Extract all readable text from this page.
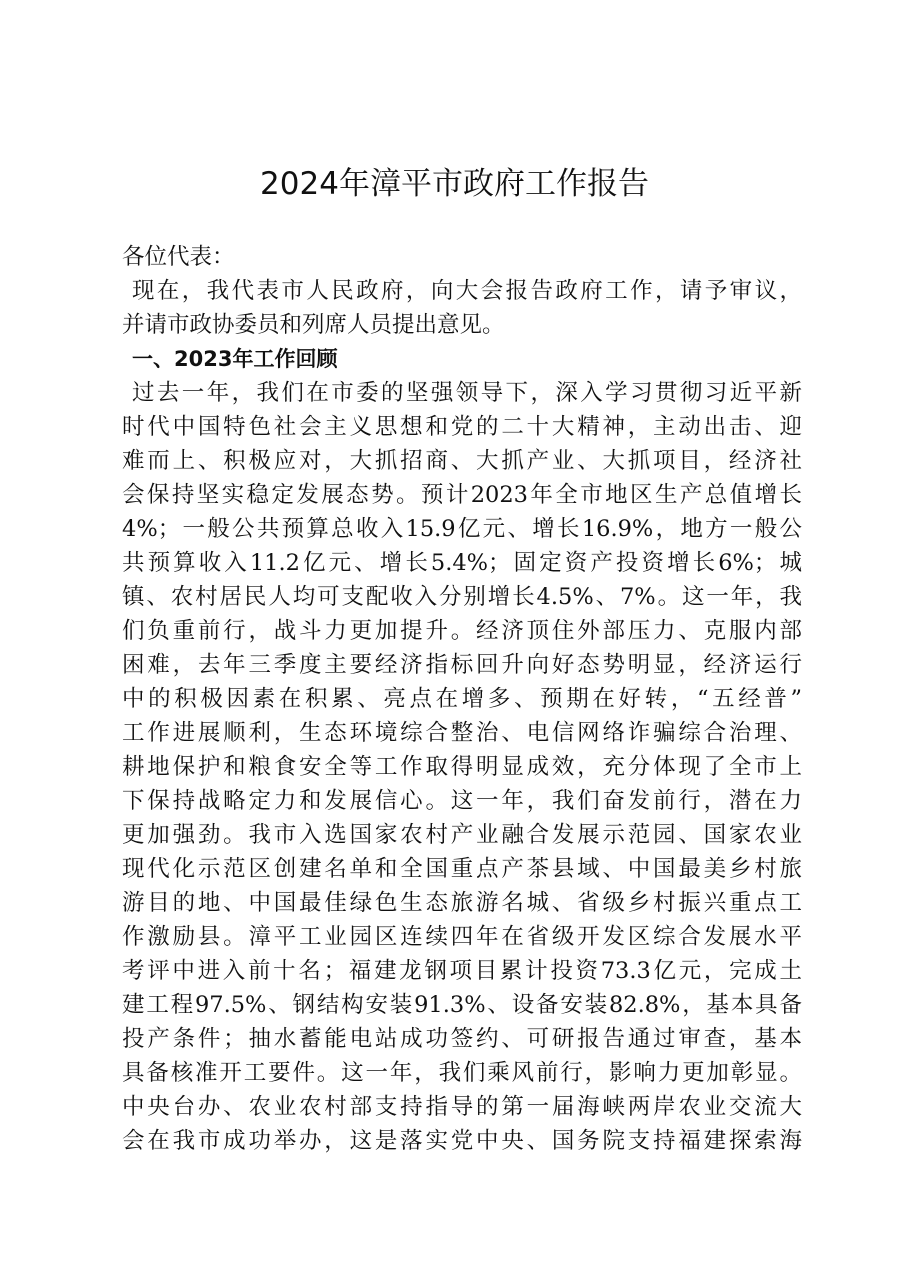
2024年漳平市政府工作报告
各位代表：
现在，我代表市人民政府，向大会报告政府工作，请予审议，
并请市政协委员和列席人员提出意见。
一、2023年工作回顾
过去一年，我们在市委的坚强领导下，深入学习贯彻习近平新
时代中国特色社会主义思想和党的二十大精神，主动出击、迎
难而上、积极应对，大抓招商、大抓产业、大抓项目，经济社
会保持坚实稳定发展态势。预计2023年全市地区生产总值增长
4%；一般公共预算总收入15.9亿元、增长16.9%，地方一般公
共预算收入11.2亿元、增长5.4%；固定资产投资增长6%；城
镇、农村居民人均可支配收入分别增长4.5%、7%。这一年，我
们负重前行，战斗力更加提升。经济顶住外部压力、克服内部
困难，去年三季度主要经济指标回升向好态势明显，经济运行
中的积极因素在积累、亮点在增多、预期在好转，“五经普”
工作进展顺利，生态环境综合整治、电信网络诈骗综合治理、
耕地保护和粮食安全等工作取得明显成效，充分体现了全市上
下保持战略定力和发展信心。这一年，我们奋发前行，潜在力
更加强劲。我市入选国家农村产业融合发展示范园、国家农业
现代化示范区创建名单和全国重点产茶县域、中国最美乡村旅
游目的地、中国最佳绿色生态旅游名城、省级乡村振兴重点工
作激励县。漳平工业园区连续四年在省级开发区综合发展水平
考评中进入前十名；福建龙钢项目累计投资73.3亿元，完成土
建工程97.5%、钢结构安装91.3%、设备安装82.8%，基本具备
投产条件；抽水蓄能电站成功签约、可研报告通过审查，基本
具备核准开工要件。这一年，我们乘风前行，影响力更加彰显。
中央台办、农业农村部支持指导的第一届海峡两岸农业交流大
会在我市成功举办，这是落实党中央、国务院支持福建探索海
